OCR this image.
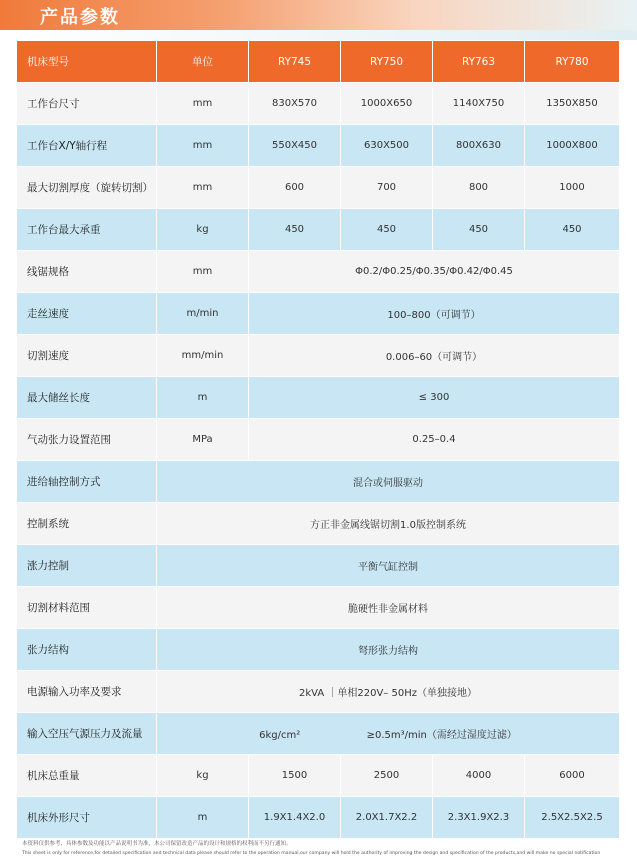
产品参数
机床型号	单位	RY745	RY750	RY763	RY780
工作台尺寸	mm	830X570	1000X650	1140X750	1350X850
工作台X/Y轴行程	mm	550X450	630X500	800X630	1000X800
最大切割厚度（旋转切割）	mm	600	700	800	1000
工作台最大承重	kg	450	450	450	450
线锯规格	mm	Φ0.2/Φ0.25/Φ0.35/Φ0.42/Φ0.45			
走丝速度	m/min	100–800（可调节）			
切割速度	mm/min	0.006–60（可调节）			
最大储丝长度	m	≤ 300			
气动张力设置范围	MPa	0.25–0.4			
进给轴控制方式	混合或伺服驱动				
控制系统	方正非金属线锯切割1.0版控制系统				
涨力控制	平衡气缸控制				
切割材料范围	脆硬性非金属材料				
张力结构	弩形张力结构				
电源输入功率及要求	2kVA ｜单相220V– 50Hz（单独接地）				
输入空压气源压力及流量	6kg/cm² ≥0.5m³/min（需经过湿度过滤）				
机床总重量	kg	1500	2500	4000	6000
机床外形尺寸	m	1.9X1.4X2.0	2.0X1.7X2.2	2.3X1.9X2.3	2.5X2.5X2.5
本资料仅供参考，具体参数及功能以产品说明书为准，本公司保留改造产品的设计和规格的权利而不另行通知。
This sheet is only for reference,for detailed specification and technical data please should refer to the operation manual,our company will hold the authority of improving the design and specification of the products,and will make no special notification
